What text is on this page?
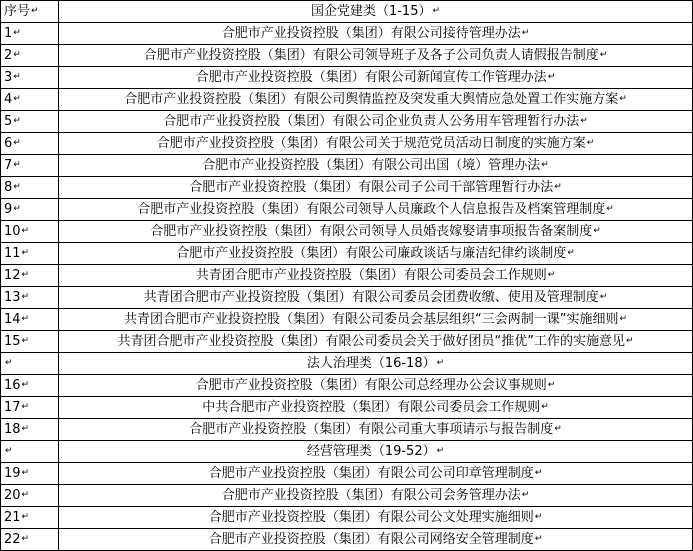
序号↵	国企党建类（1-15）↵
1↵	合肥市产业投资控股（集团）有限公司接待管理办法↵
2↵	合肥市产业投资控股（集团）有限公司领导班子及各子公司负责人请假报告制度↵
3↵	合肥市产业投资控股（集团）有限公司新闻宣传工作管理办法↵
4↵	合肥市产业投资控股（集团）有限公司舆情监控及突发重大舆情应急处置工作实施方案↵
5↵	合肥市产业投资控股（集团）有限公司企业负责人公务用车管理暂行办法↵
6↵	合肥市产业投资控股（集团）有限公司关于规范党员活动日制度的实施方案↵
7↵	合肥市产业投资控股（集团）有限公司出国（境）管理办法↵
8↵	合肥市产业投资控股（集团）有限公司子公司干部管理暂行办法↵
9↵	合肥市产业投资控股（集团）有限公司领导人员廉政个人信息报告及档案管理制度↵
10↵	合肥市产业投资控股（集团）有限公司领导人员婚丧嫁娶请事项报告备案制度↵
11↵	合肥市产业投资控股（集团）有限公司廉政谈话与廉洁纪律约谈制度↵
12↵	共青团合肥市产业投资控股（集团）有限公司委员会工作规则↵
13↵	共青团合肥市产业投资控股（集团）有限公司委员会团费收缴、使用及管理制度↵
14↵	共青团合肥市产业投资控股（集团）有限公司委员会基层组织“三会两制一课”实施细则↵
15↵	共青团合肥市产业投资控股（集团）有限公司委员会关于做好团员“推优”工作的实施意见↵
↵	法人治理类（16-18）↵
16↵	合肥市产业投资控股（集团）有限公司总经理办公会议事规则↵
17↵	中共合肥市产业投资控股（集团）有限公司委员会工作规则↵
18↵	合肥市产业投资控股（集团）有限公司重大事项请示与报告制度↵
↵	经营管理类（19-52）↵
19↵	合肥市产业投资控股（集团）有限公司公司印章管理制度↵
20↵	合肥市产业投资控股（集团）有限公司会务管理办法↵
21↵	合肥市产业投资控股（集团）有限公司公文处理实施细则↵
22↵	合肥市产业投资控股（集团）有限公司网络安全管理制度↵
